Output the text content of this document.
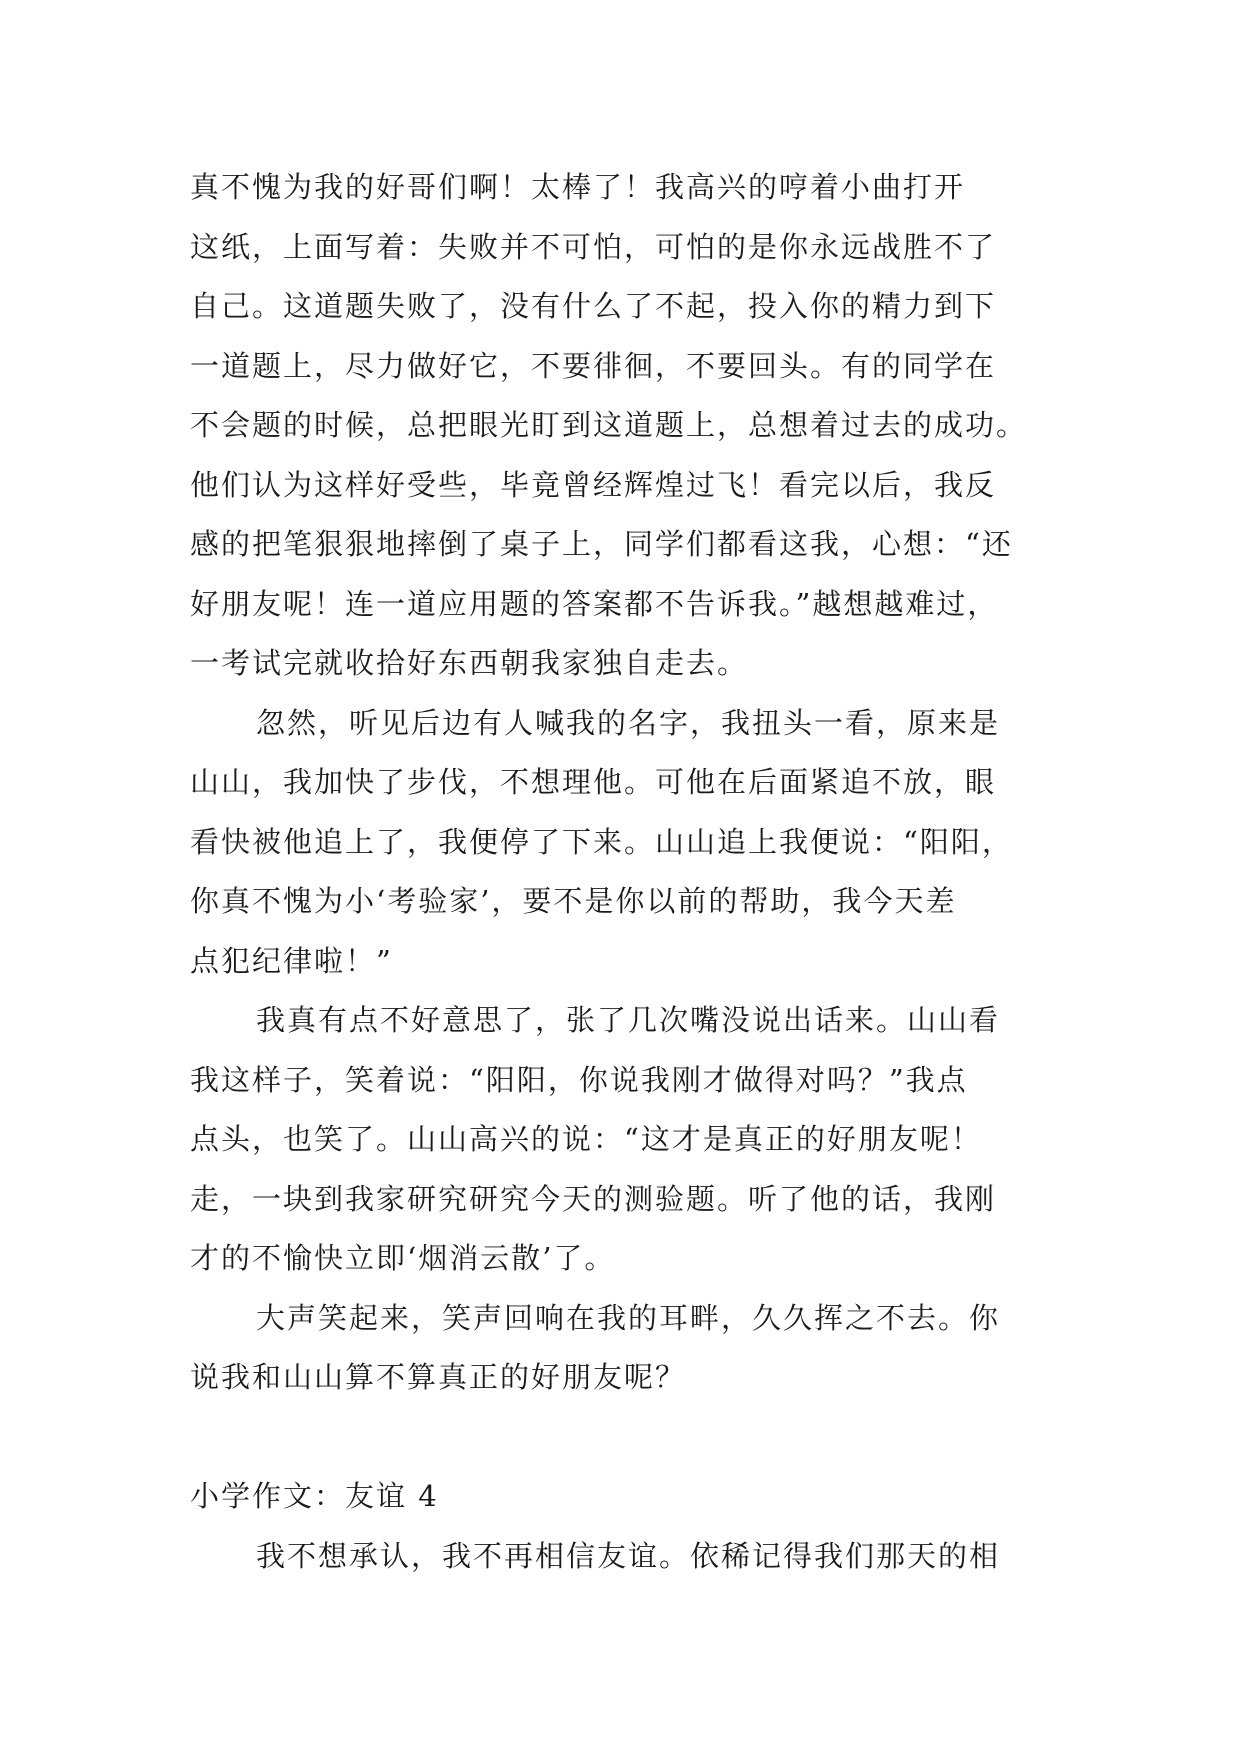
真不愧为我的好哥们啊！太棒了！我高兴的哼着小曲打开
这纸，上面写着：失败并不可怕，可怕的是你永远战胜不了
自己。这道题失败了，没有什么了不起，投入你的精力到下
一道题上，尽力做好它，不要徘徊，不要回头。有的同学在
不会题的时候，总把眼光盯到这道题上，总想着过去的成功。
他们认为这样好受些，毕竟曾经辉煌过飞！看完以后，我反
感的把笔狠狠地摔倒了桌子上，同学们都看这我，心想：“还
好朋友呢！连一道应用题的答案都不告诉我。”越想越难过，
一考试完就收拾好东西朝我家独自走去。
忽然，听见后边有人喊我的名字，我扭头一看，原来是
山山，我加快了步伐，不想理他。可他在后面紧追不放，眼
看快被他追上了，我便停了下来。山山追上我便说：“阳阳，
你真不愧为小‘考验家’，要不是你以前的帮助，我今天差
点犯纪律啦！”
我真有点不好意思了，张了几次嘴没说出话来。山山看
我这样子，笑着说：“阳阳，你说我刚才做得对吗？”我点
点头，也笑了。山山高兴的说：“这才是真正的好朋友呢！
走，一块到我家研究研究今天的测验题。听了他的话，我刚
才的不愉快立即‘烟消云散’了。
大声笑起来，笑声回响在我的耳畔，久久挥之不去。你
说我和山山算不算真正的好朋友呢？
小学作文：友谊 4
我不想承认，我不再相信友谊。依稀记得我们那天的相
